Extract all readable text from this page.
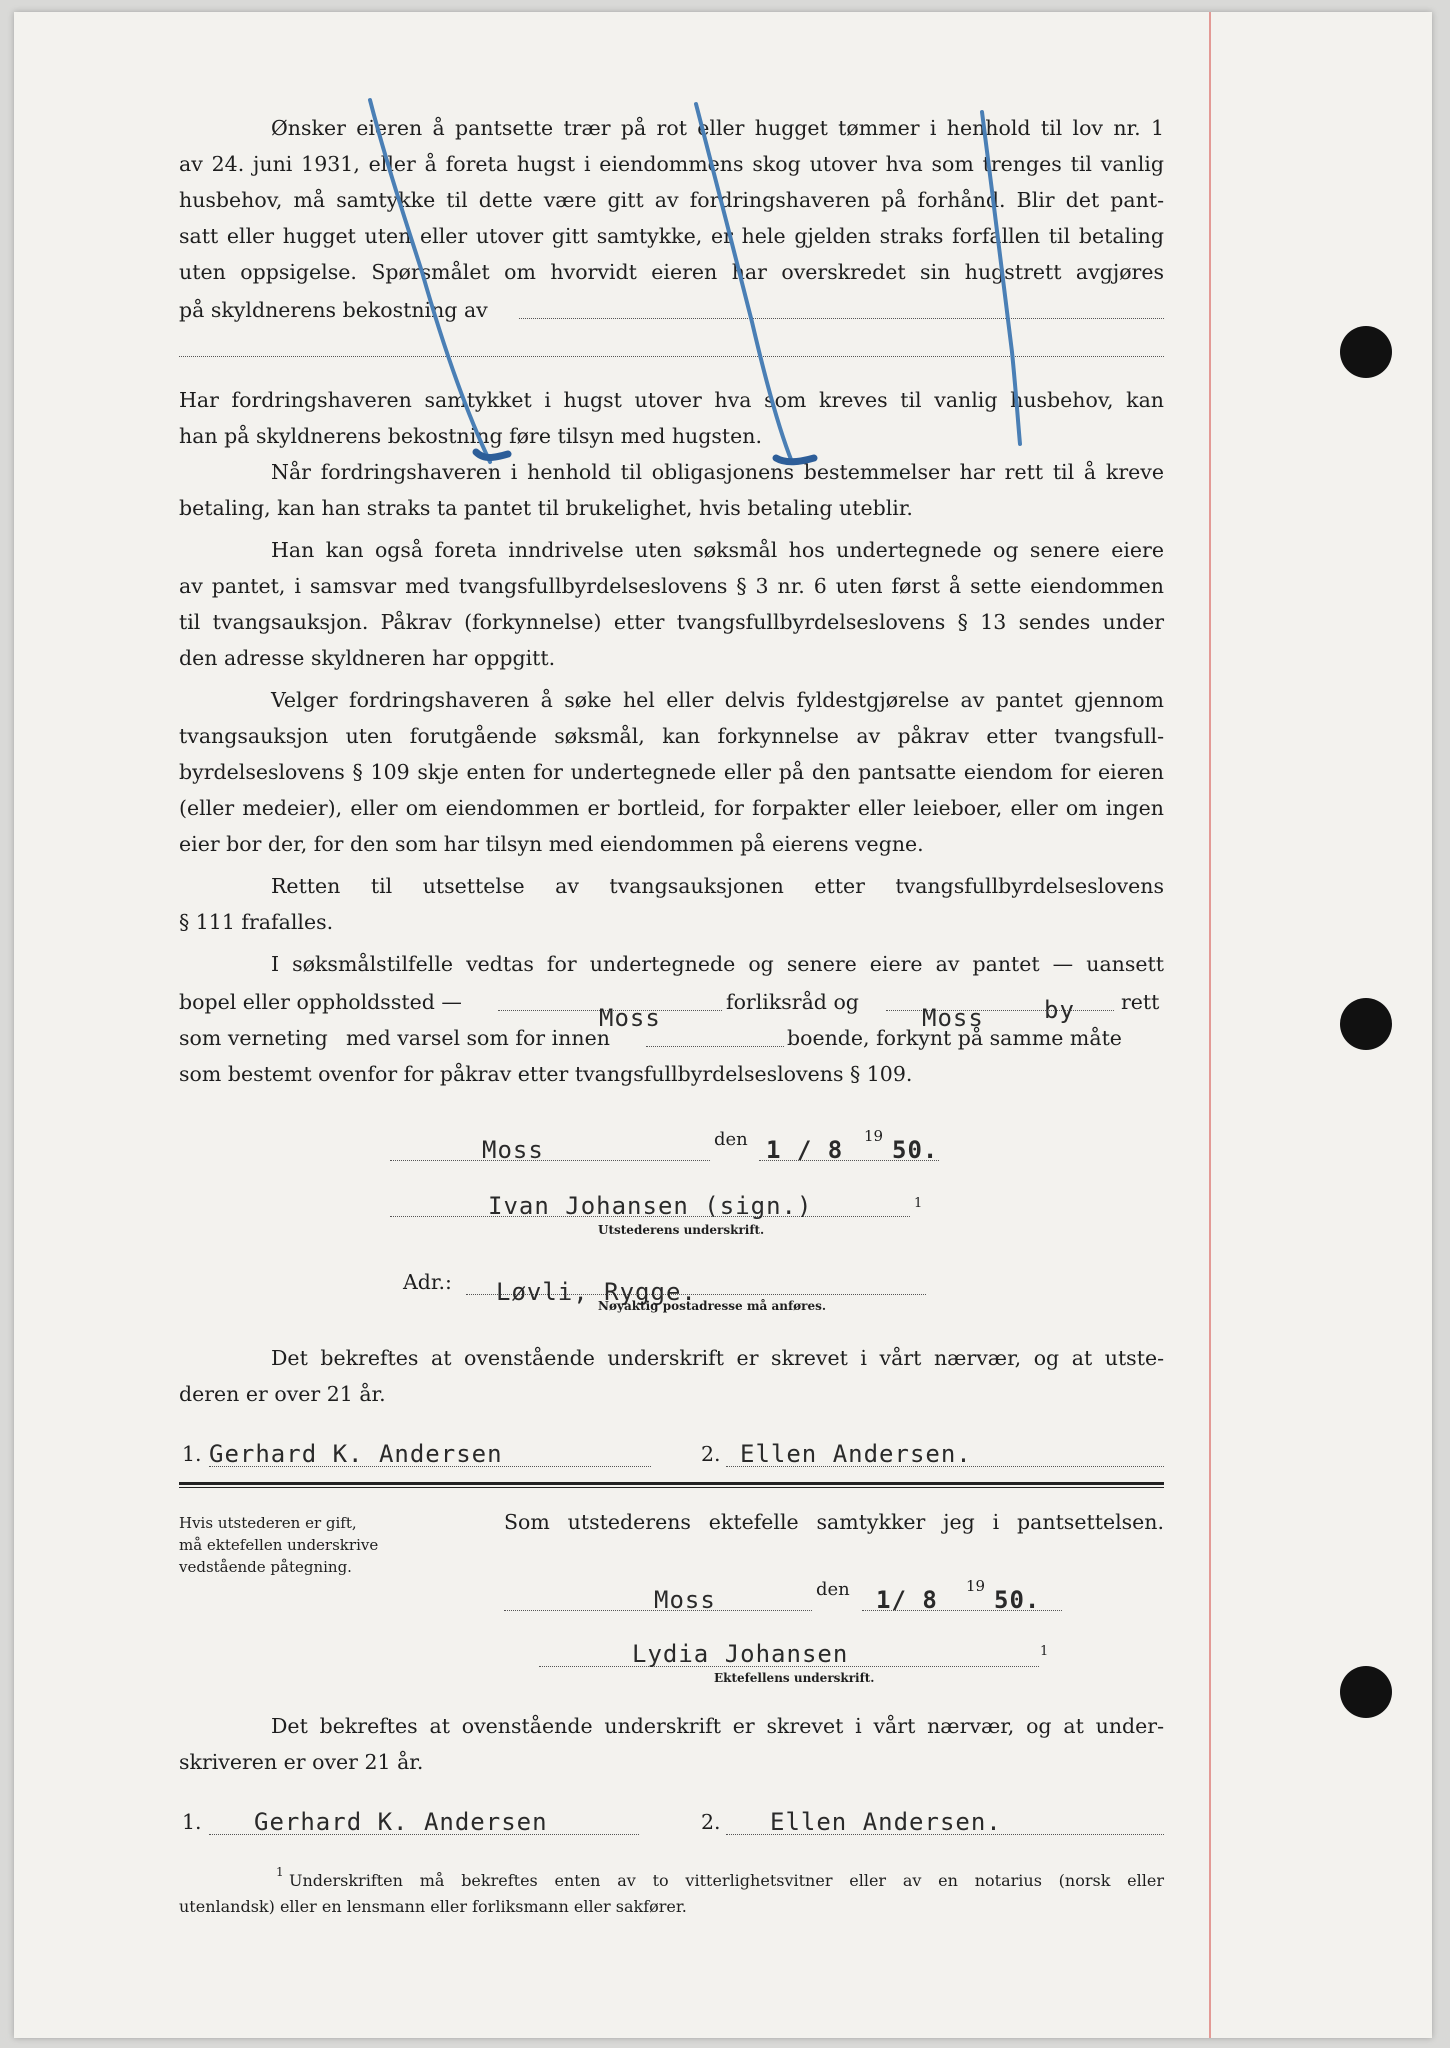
Ønsker eieren å pantsette trær på rot eller hugget tømmer i henhold til lov nr. 1
av 24. juni 1931, eller å foreta hugst i eiendommens skog utover hva som trenges til vanlig
husbehov, må samtykke til dette være gitt av fordringshaveren på forhånd. Blir det pant-
satt eller hugget uten eller utover gitt samtykke, er hele gjelden straks forfallen til betaling
uten oppsigelse. Spørsmålet om hvorvidt eieren har overskredet sin hugstrett avgjøres
på skyldnerens bekostning av
Har fordringshaveren samtykket i hugst utover hva som kreves til vanlig husbehov, kan
han på skyldnerens bekostning føre tilsyn med hugsten.
Når fordringshaveren i henhold til obligasjonens bestemmelser har rett til å kreve
betaling, kan han straks ta pantet til brukelighet, hvis betaling uteblir.
Han kan også foreta inndrivelse uten søksmål hos undertegnede og senere eiere
av pantet, i samsvar med tvangsfullbyrdelseslovens § 3 nr. 6 uten først å sette eiendommen
til tvangsauksjon. Påkrav (forkynnelse) etter tvangsfullbyrdelseslovens § 13 sendes under
den adresse skyldneren har oppgitt.
Velger fordringshaveren å søke hel eller delvis fyldestgjørelse av pantet gjennom
tvangsauksjon uten forutgående søksmål, kan forkynnelse av påkrav etter tvangsfull-
byrdelseslovens § 109 skje enten for undertegnede eller på den pantsatte eiendom for eieren
(eller medeier), eller om eiendommen er bortleid, for forpakter eller leieboer, eller om ingen
eier bor der, for den som har tilsyn med eiendommen på eierens vegne.
Retten til utsettelse av tvangsauksjonen etter tvangsfullbyrdelseslovens
§ 111 frafalles.
I søksmålstilfelle vedtas for undertegnede og senere eiere av pantet — uansett
bopel eller oppholdssted —
Moss
forliksråd og
Moss	by rett
som verneting med varsel som for innen	boende, forkynt på samme måte
som bestemt ovenfor for påkrav etter tvangsfullbyrdelseslovens § 109.
Moss	den 1 / 8 19 50.
Ivan Johansen (sign.)	1
Utstederens underskrift.
Adr.: Løvli, Rygge.
Nøyaktig postadresse må anføres.
Det bekreftes at ovenstående underskrift er skrevet i vårt nærvær, og at utste-
deren er over 21 år.
1. Gerhard K. Andersen	2. Ellen Andersen.
Hvis utstederen er gift,
må ektefellen underskrive
vedstående påtegning.
Som utstederens ektefelle samtykker jeg i pantsettelsen.
Moss	den 1/ 8 19 50.
Lydia Johansen	1
Ektefellens underskrift.
Det bekreftes at ovenstående underskrift er skrevet i vårt nærvær, og at under-
skriveren er over 21 år.
1. Gerhard K. Andersen	2. Ellen Andersen.
1 Underskriften må bekreftes enten av to vitterlighetsvitner eller av en notarius (norsk eller
utenlandsk) eller en lensmann eller forliksmann eller sakfører.
